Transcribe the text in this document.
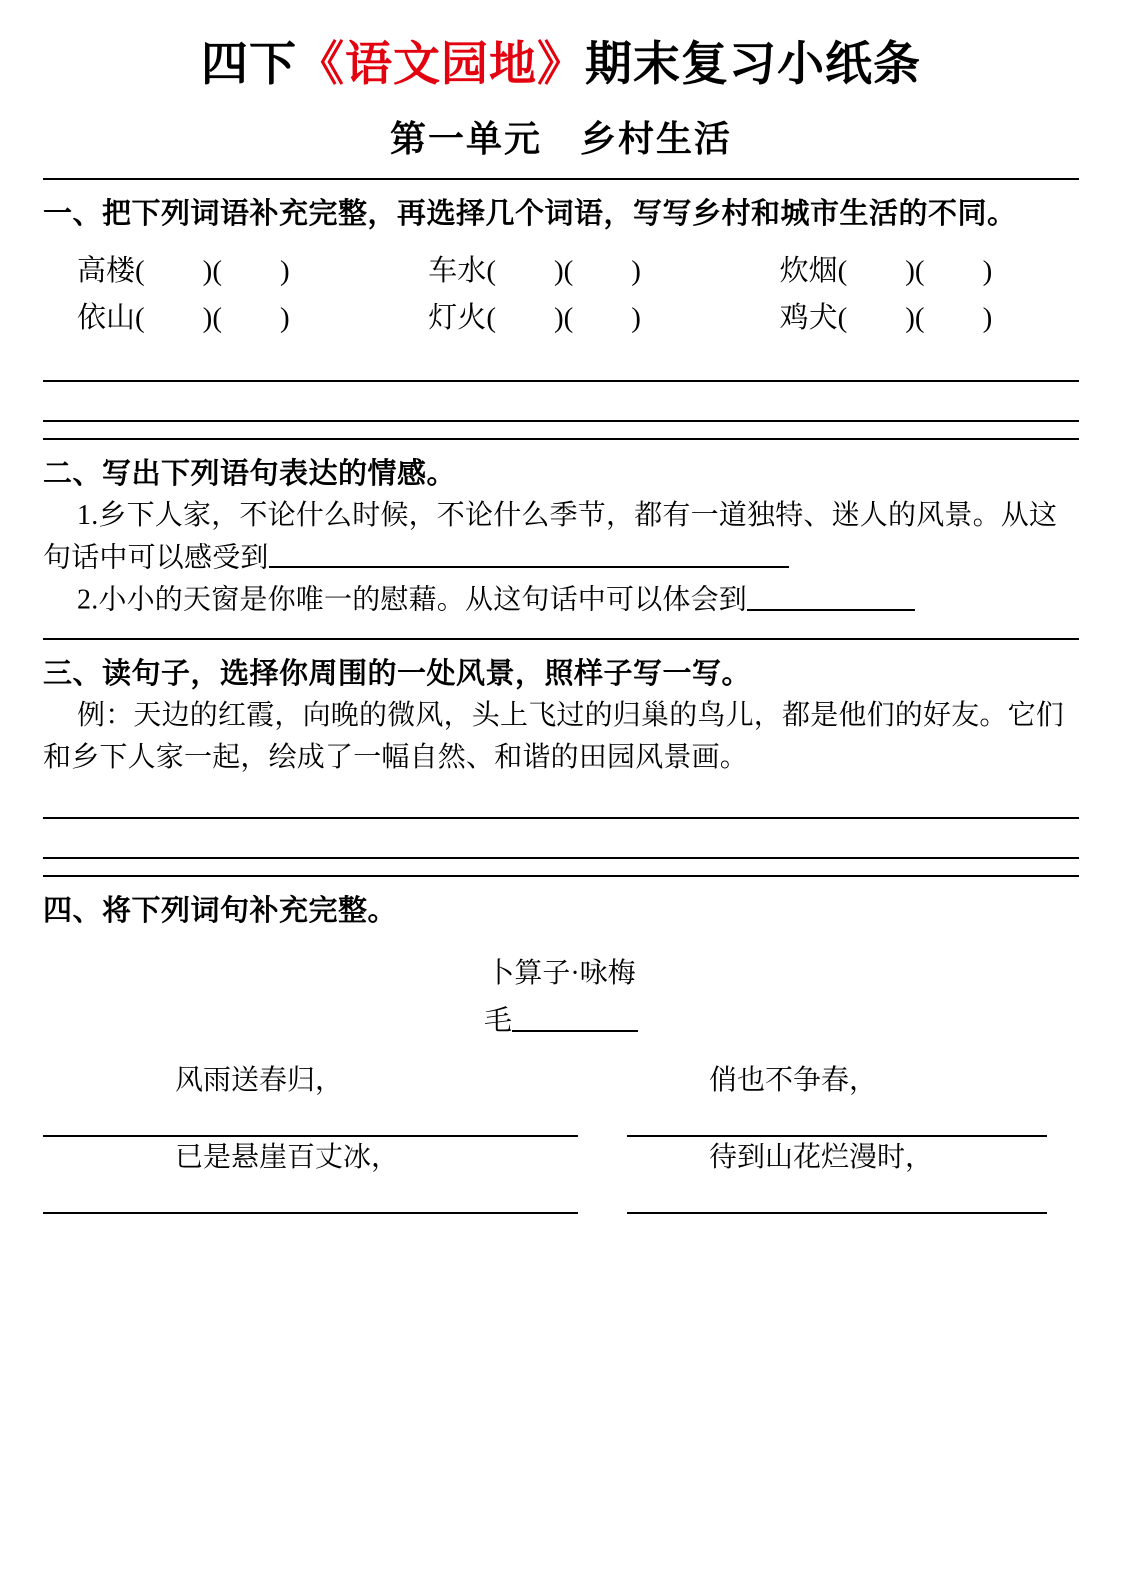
四下《语文园地》期末复习小纸条
第一单元　乡村生活

一、把下列词语补充完整，再选择几个词语，写写乡村和城市生活的不同。

高楼 (　　)(　　)	车水 (　　)(　　)	炊烟 (　　)(　　)
依山 (　　)(　　)	灯火 (　　)(　　)	鸡犬 (　　)(　　)

二、写出下列语句表达的情感。

1.乡下人家，不论什么时候，不论什么季节，都有一道独特、迷人的风景。从这句话中可以感受到

2.小小的天窗是你唯一的慰藉。从这句话中可以体会到

三、读句子，选择你周围的一处风景，照样子写一写。

例：天边的红霞，向晚的微风，头上飞过的归巢的鸟儿，都是他们的好友。它们和乡下人家一起，绘成了一幅自然、和谐的田园风景画。

四、将下列词句补充完整。

卜算子·咏梅

毛

风雨送春归，	俏也不争春，
已是悬崖百丈冰，	待到山花烂漫时，
